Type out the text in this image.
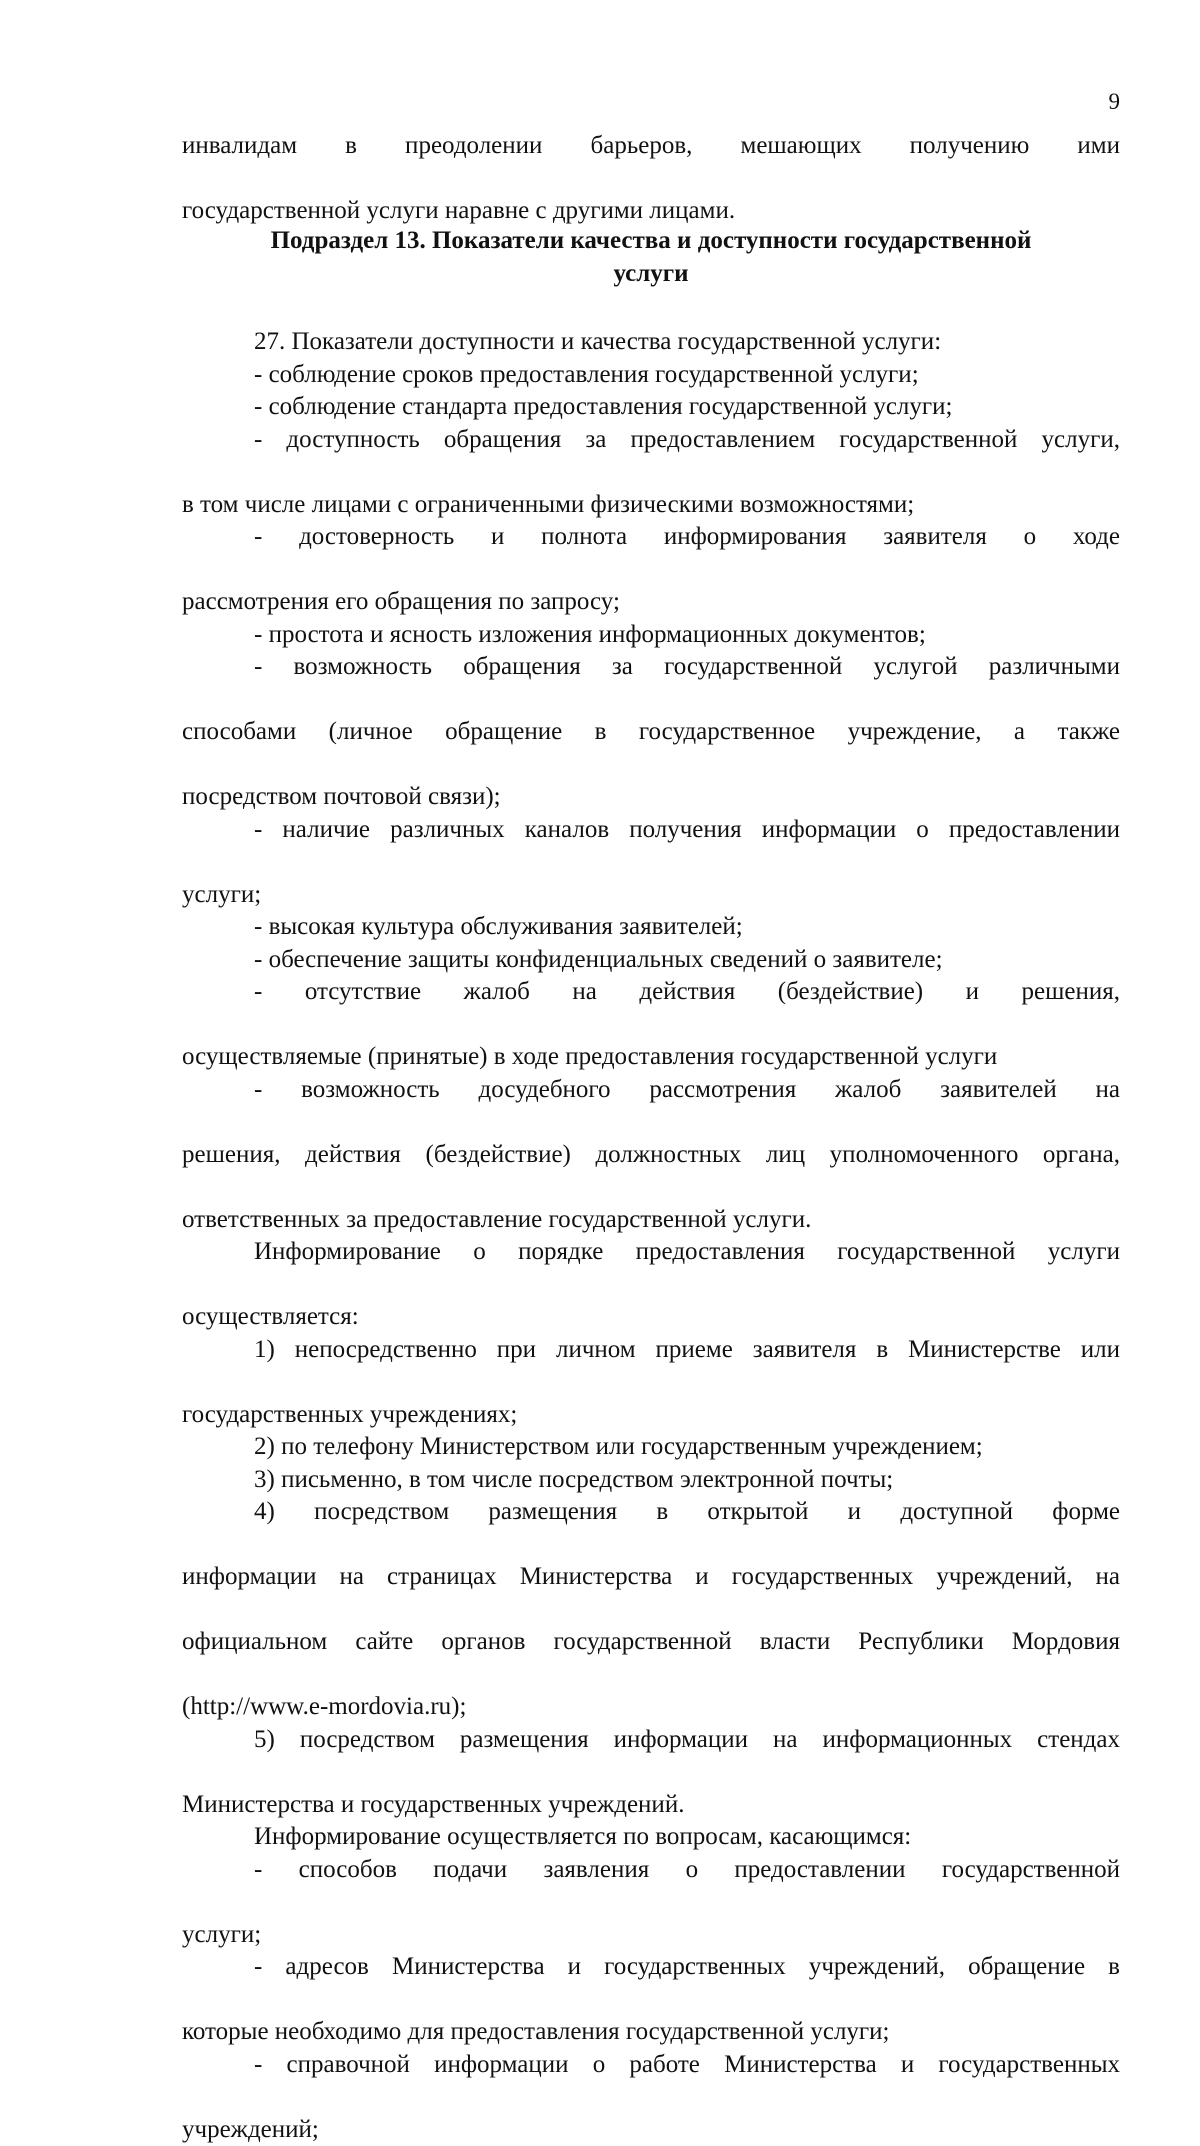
9

инвалидам в преодолении барьеров, мешающих получению ими

государственной услуги наравне с другими лицами.

Подраздел 13. Показатели качества и доступности государственной

услуги

27. Показатели доступности и качества государственной услуги:

- соблюдение сроков предоставления государственной услуги;

- соблюдение стандарта предоставления государственной услуги;

- доступность обращения за предоставлением государственной услуги,

в том числе лицами с ограниченными физическими возможностями;

- достоверность и полнота информирования заявителя о ходе

рассмотрения его обращения по запросу;

- простота и ясность изложения информационных документов;

- возможность обращения за государственной услугой различными

способами (личное обращение в государственное учреждение, а также

посредством почтовой связи);

- наличие различных каналов получения информации о предоставлении

услуги;

- высокая культура обслуживания заявителей;

- обеспечение защиты конфиденциальных сведений о заявителе;

- отсутствие жалоб на действия (бездействие) и решения,

осуществляемые (принятые) в ходе предоставления государственной услуги

- возможность досудебного рассмотрения жалоб заявителей на

решения, действия (бездействие) должностных лиц уполномоченного органа,

ответственных за предоставление государственной услуги.

Информирование о порядке предоставления государственной услуги

осуществляется:

1) непосредственно при личном приеме заявителя в Министерстве или

государственных учреждениях;

2) по телефону Министерством или государственным учреждением;

3) письменно, в том числе посредством электронной почты;

4) посредством размещения в открытой и доступной форме

информации на страницах Министерства и государственных учреждений, на

официальном сайте органов государственной власти Республики Мордовия

(http://www.e-mordovia.ru);

5) посредством размещения информации на информационных стендах

Министерства и государственных учреждений.

Информирование осуществляется по вопросам, касающимся:

- способов подачи заявления о предоставлении государственной

услуги;

- адресов Министерства и государственных учреждений, обращение в

которые необходимо для предоставления государственной услуги;

- справочной информации о работе Министерства и государственных

учреждений;
